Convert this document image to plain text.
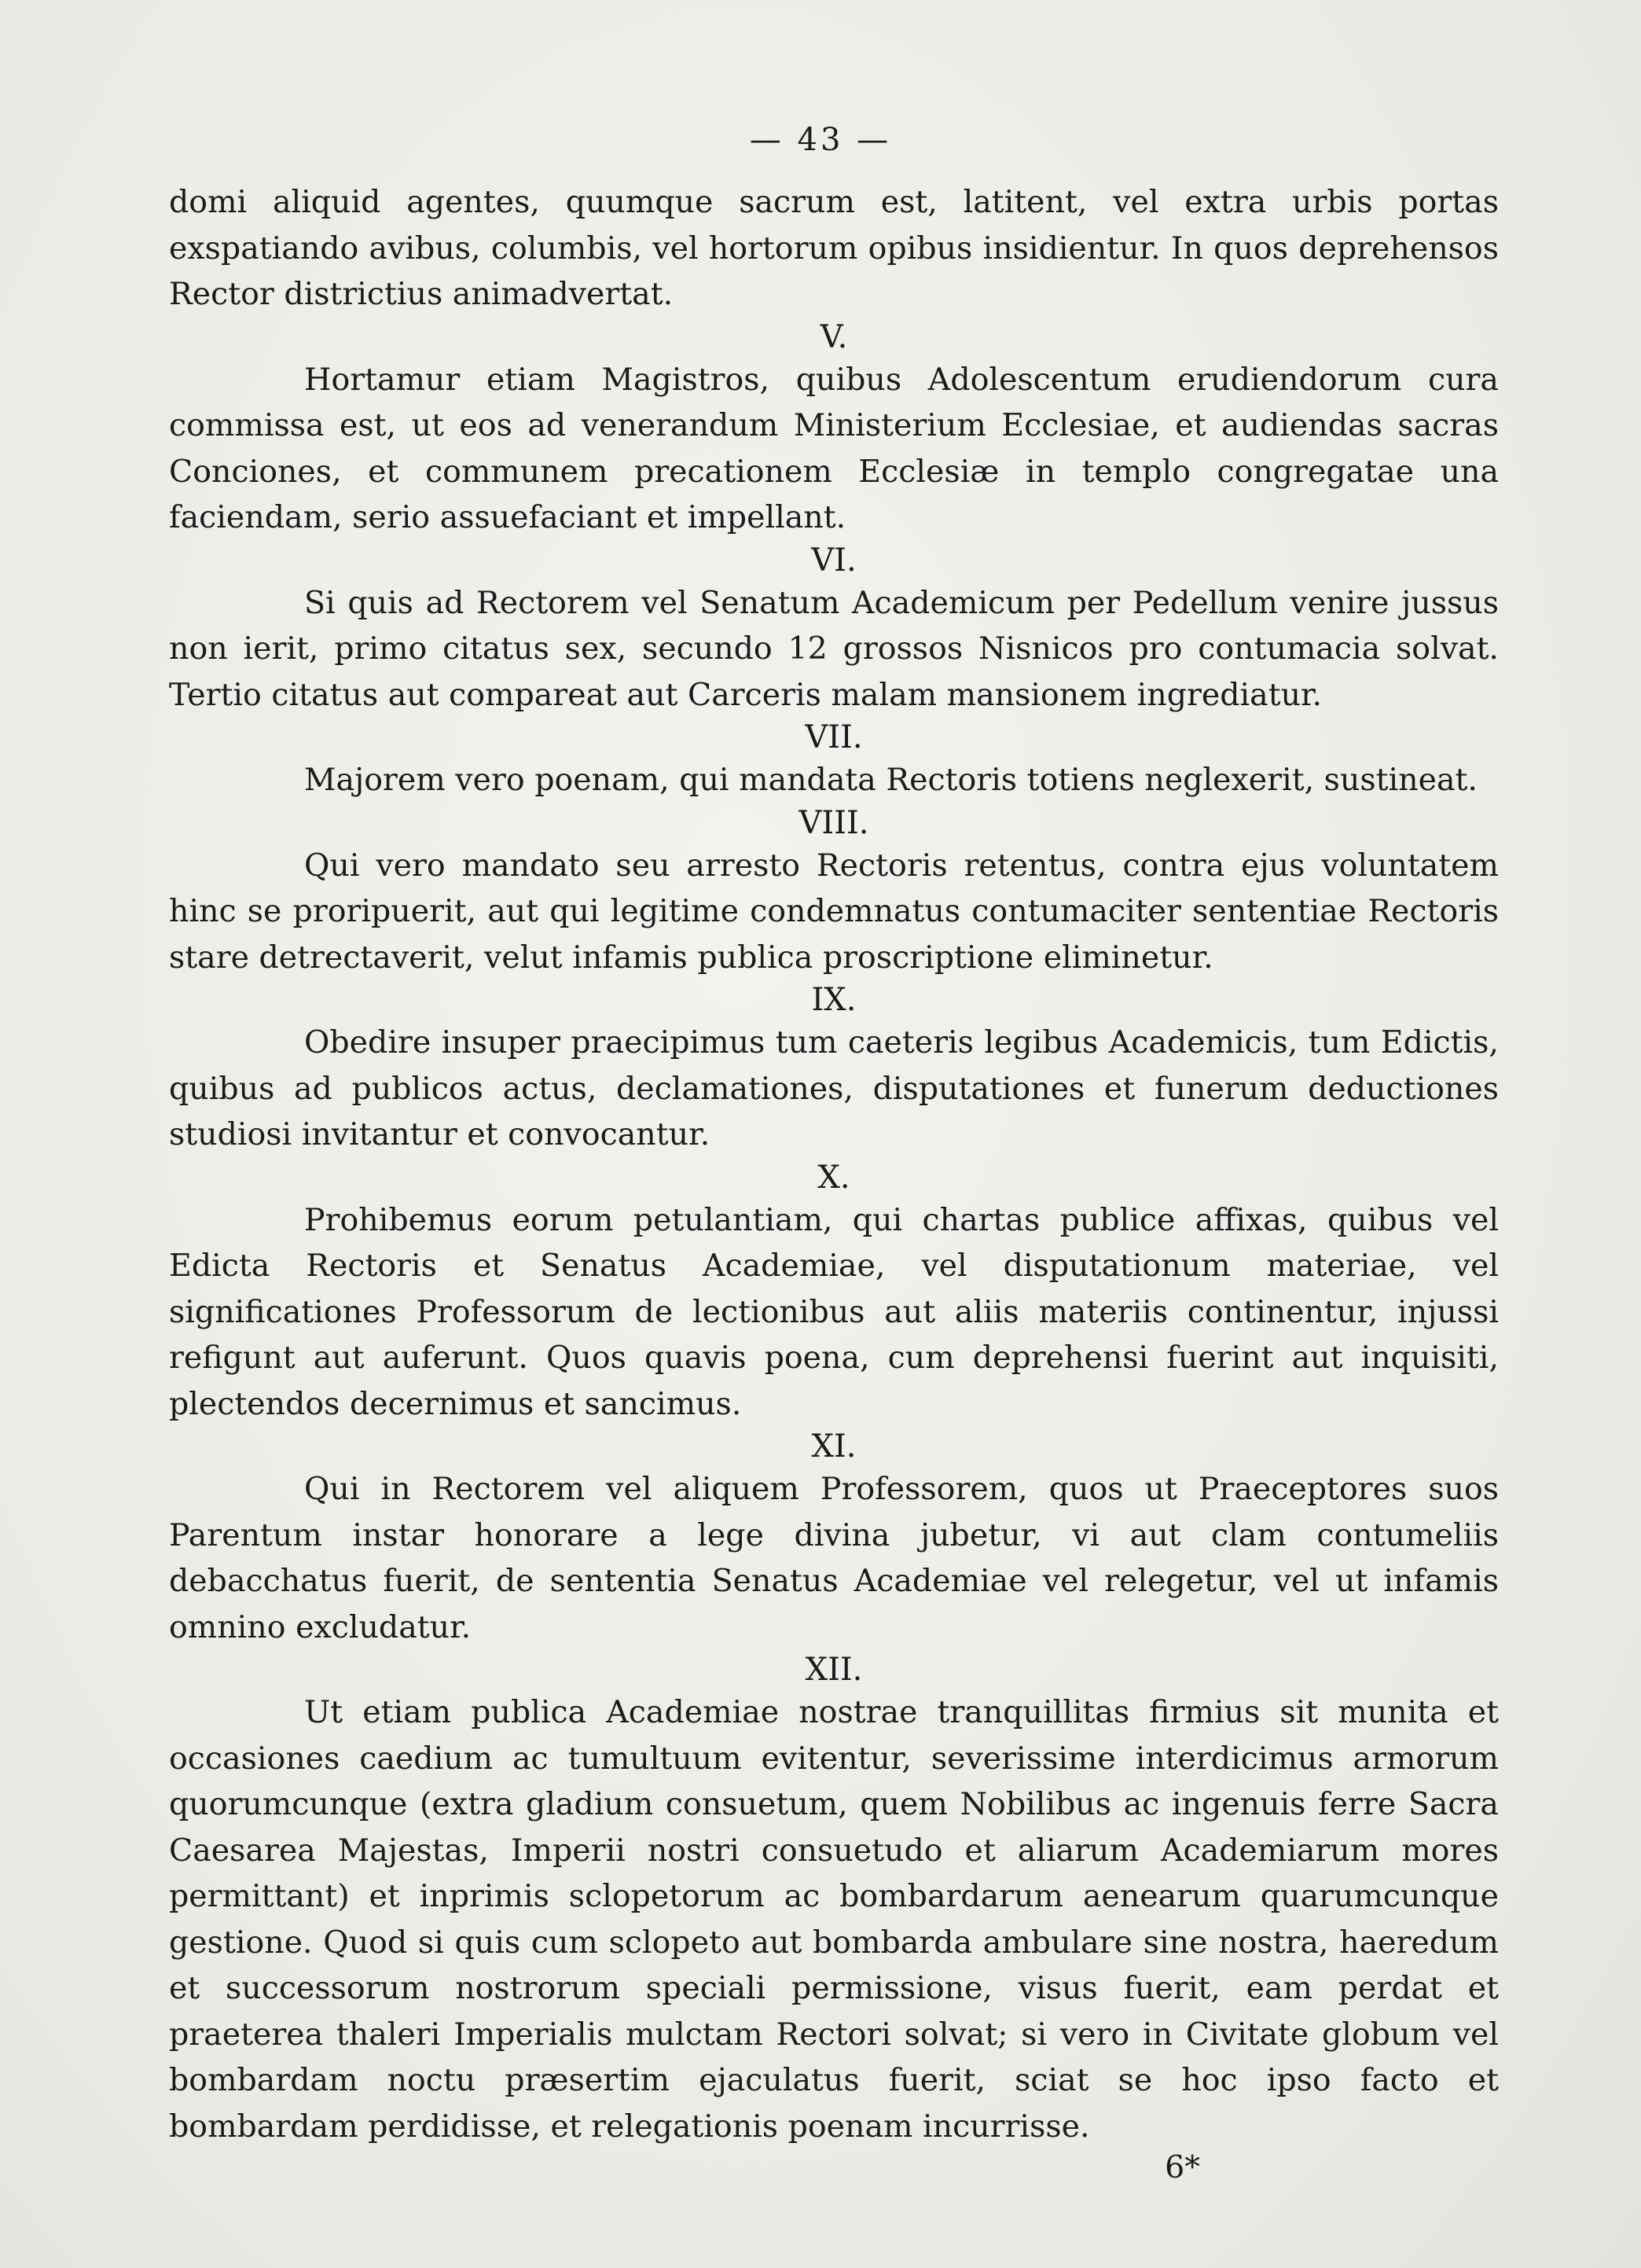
— 43 —

domi aliquid agentes, quumque sacrum est, latitent, vel extra urbis portas exspatiando avibus, columbis, vel hortorum opibus insidientur. In quos deprehensos Rector districtius animadvertat.

V.

Hortamur etiam Magistros, quibus Adolescentum erudiendorum cura commissa est, ut eos ad venerandum Ministerium Ecclesiae, et audiendas sacras Conciones, et communem precationem Ecclesiæ in templo congregatae una faciendam, serio assuefaciant et impellant.

VI.

Si quis ad Rectorem vel Senatum Academicum per Pedellum venire jussus non ierit, primo citatus sex, secundo 12 grossos Nisnicos pro contumacia solvat. Tertio citatus aut compareat aut Carceris malam mansionem ingrediatur.

VII.

Majorem vero poenam, qui mandata Rectoris totiens neglexerit, sustineat.

VIII.

Qui vero mandato seu arresto Rectoris retentus, contra ejus voluntatem hinc se proripuerit, aut qui legitime condemnatus contumaciter sententiae Rectoris stare detrectaverit, velut infamis publica proscriptione eliminetur.

IX.

Obedire insuper praecipimus tum caeteris legibus Academicis, tum Edictis, quibus ad publicos actus, declamationes, disputationes et funerum deductiones studiosi invitantur et convocantur.

X.

Prohibemus eorum petulantiam, qui chartas publice affixas, quibus vel Edicta Rectoris et Senatus Academiae, vel disputationum materiae, vel significationes Professorum de lectionibus aut aliis materiis continentur, injussi refigunt aut auferunt. Quos quavis poena, cum deprehensi fuerint aut inquisiti, plectendos decernimus et sancimus.

XI.

Qui in Rectorem vel aliquem Professorem, quos ut Praeceptores suos Parentum instar honorare a lege divina jubetur, vi aut clam contumeliis debacchatus fuerit, de sententia Senatus Academiae vel relegetur, vel ut infamis omnino excludatur.

XII.

Ut etiam publica Academiae nostrae tranquillitas firmius sit munita et occasiones caedium ac tumultuum evitentur, severissime interdicimus armorum quorumcunque (extra gladium consuetum, quem Nobilibus ac ingenuis ferre Sacra Caesarea Majestas, Imperii nostri consuetudo et aliarum Academiarum mores permittant) et inprimis sclopetorum ac bombardarum aenearum quarumcunque gestione. Quod si quis cum sclopeto aut bombarda ambulare sine nostra, haeredum et successorum nostrorum speciali permissione, visus fuerit, eam perdat et praeterea thaleri Imperialis mulctam Rectori solvat; si vero in Civitate globum vel bombardam noctu præsertim ejaculatus fuerit, sciat se hoc ipso facto et bombardam perdidisse, et relegationis poenam incurrisse.

6*
